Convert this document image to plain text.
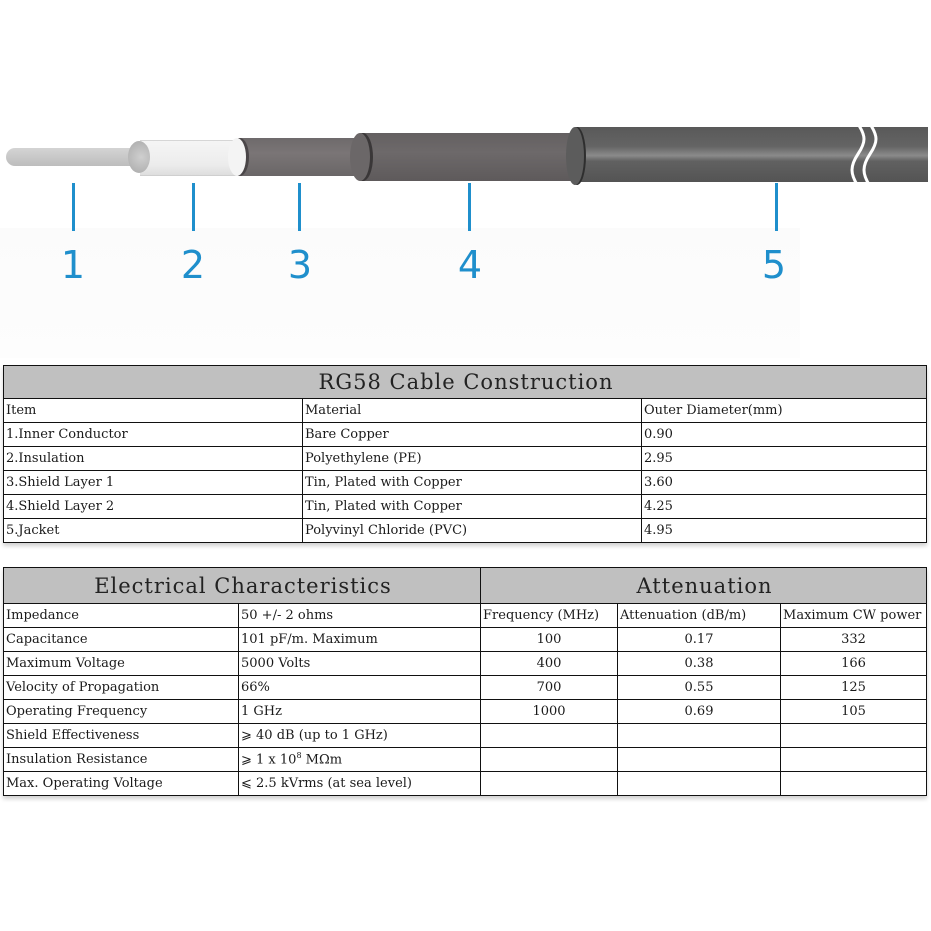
1	2 3	4	5
RG58 Cable Construction		
Item	Material	Outer Diameter(mm)
1.Inner Conductor	Bare Copper	0.90
2.Insulation	Polyethylene (PE)	2.95
3.Shield Layer 1	Tin, Plated with Copper	3.60
4.Shield Layer 2	Tin, Plated with Copper	4.25
5.Jacket	Polyvinyl Chloride (PVC)	4.95
Electrical Characteristics		Attenuation		
Impedance	50 +/- 2 ohms	Frequency (MHz)	Attenuation (dB/m)	Maximum CW power
Capacitance	101 pF/m. Maximum	100	0.17	332
Maximum Voltage	5000 Volts	400	0.38	166
Velocity of Propagation	66%	700	0.55	125
Operating Frequency	1 GHz	1000	0.69	105
Shield Effectiveness	⩾ 40 dB (up to 1 GHz)			
Insulation Resistance	⩾ 1 x $10^8$ MΩm			
Max. Operating Voltage	⩽ 2.5 kVrms (at sea level)			
